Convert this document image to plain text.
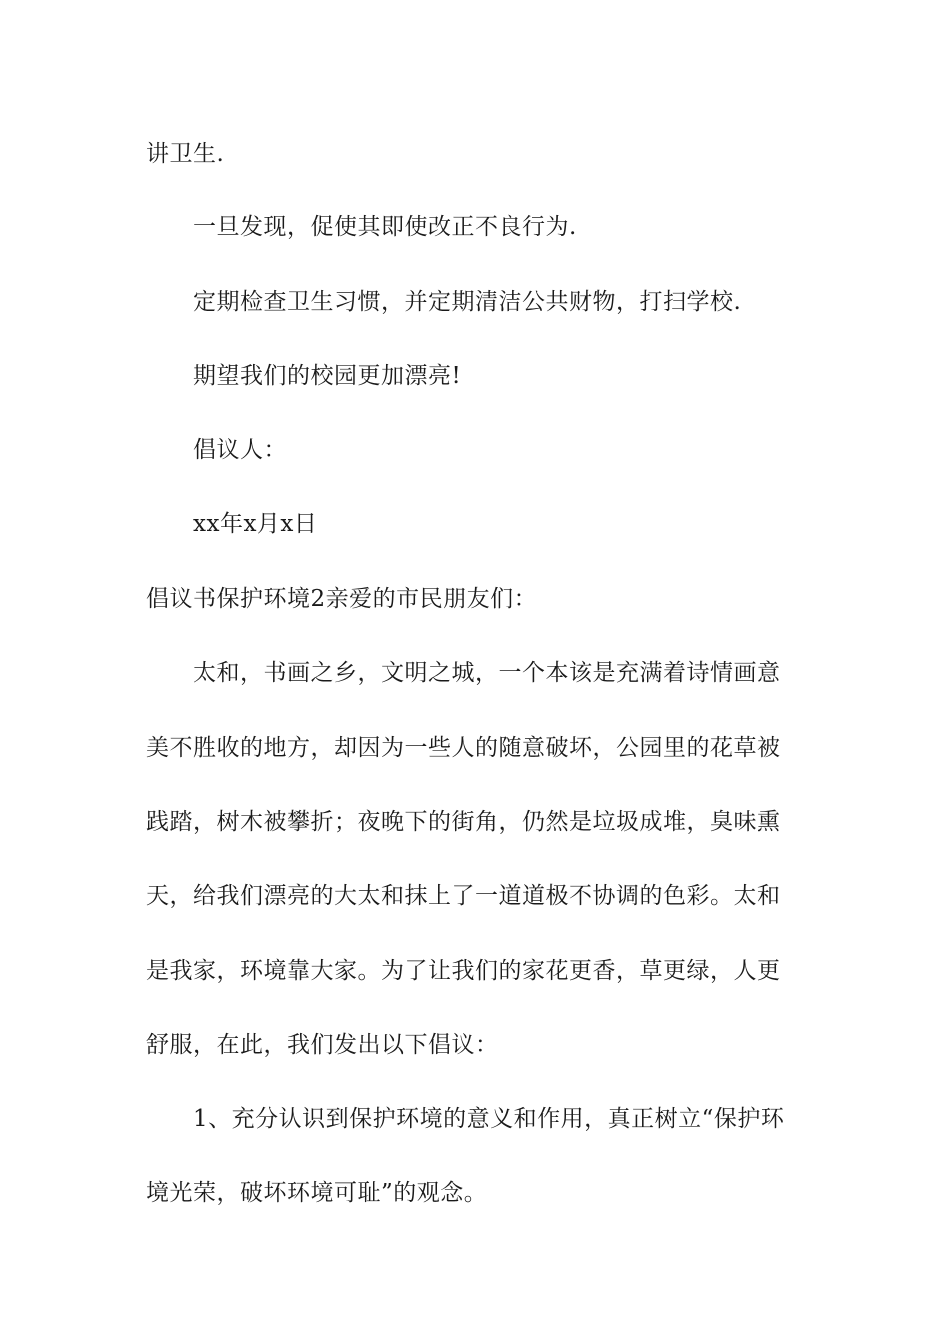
讲卫生.
一旦发现，促使其即使改正不良行为.
定期检查卫生习惯，并定期清洁公共财物，打扫学校.
期望我们的校园更加漂亮!
倡议人：
xx年x月x日
倡议书保护环境2亲爱的市民朋友们：
太和，书画之乡，文明之城，一个本该是充满着诗情画意
美不胜收的地方，却因为一些人的随意破坏，公园里的花草被
践踏，树木被攀折；夜晚下的街角，仍然是垃圾成堆，臭味熏
天，给我们漂亮的大太和抹上了一道道极不协调的色彩。太和
是我家，环境靠大家。为了让我们的家花更香，草更绿，人更
舒服，在此，我们发出以下倡议：
1、充分认识到保护环境的意义和作用，真正树立“保护环
境光荣，破坏环境可耻”的观念。
